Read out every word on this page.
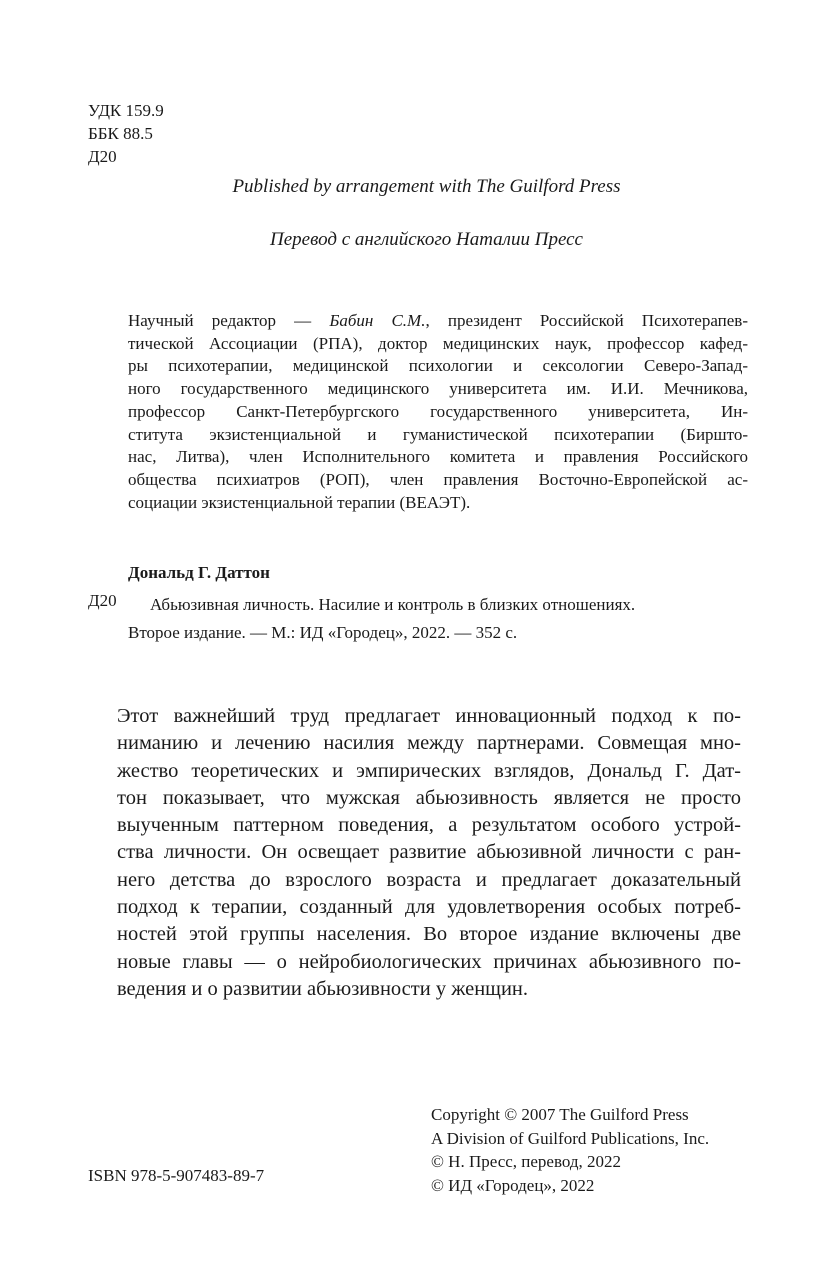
УДК 159.9
ББК 88.5
Д20
Published by arrangement with The Guilford Press
Перевод с английского Наталии Пресс
Научный редактор — Бабин С.М., президент Российской Психотерапев-
тической Ассоциации (РПА), доктор медицинских наук, профессор кафед-
ры психотерапии, медицинской психологии и сексологии Северо-Запад-
ного государственного медицинского университета им. И.И. Мечникова,
профессор Санкт-Петербургского государственного университета, Ин-
ститута экзистенциальной и гуманистической психотерапии (Биршто-
нас, Литва), член Исполнительного комитета и правления Российского
общества психиатров (РОП), член правления Восточно-Европейской ас-
социации экзистенциальной терапии (ВЕАЭТ).
Дональд Г. Даттон
Д20 Абьюзивная личность. Насилие и контроль в близких отношениях.
Второе издание. — М.: ИД «Городец», 2022. — 352 с.
Этот важнейший труд предлагает инновационный подход к по-
ниманию и лечению насилия между партнерами. Совмещая мно-
жество теоретических и эмпирических взглядов, Дональд Г. Дат-
тон показывает, что мужская абьюзивность является не просто
выученным паттерном поведения, а результатом особого устрой-
ства личности. Он освещает развитие абьюзивной личности с ран-
него детства до взрослого возраста и предлагает доказательный
подход к терапии, созданный для удовлетворения особых потреб-
ностей этой группы населения. Во второе издание включены две
новые главы — о нейробиологических причинах абьюзивного по-
ведения и о развитии абьюзивности у женщин.
Copyright © 2007 The Guilford Press
A Division of Guilford Publications, Inc.
© Н. Пресс, перевод, 2022
© ИД «Городец», 2022
ISBN 978-5-907483-89-7
